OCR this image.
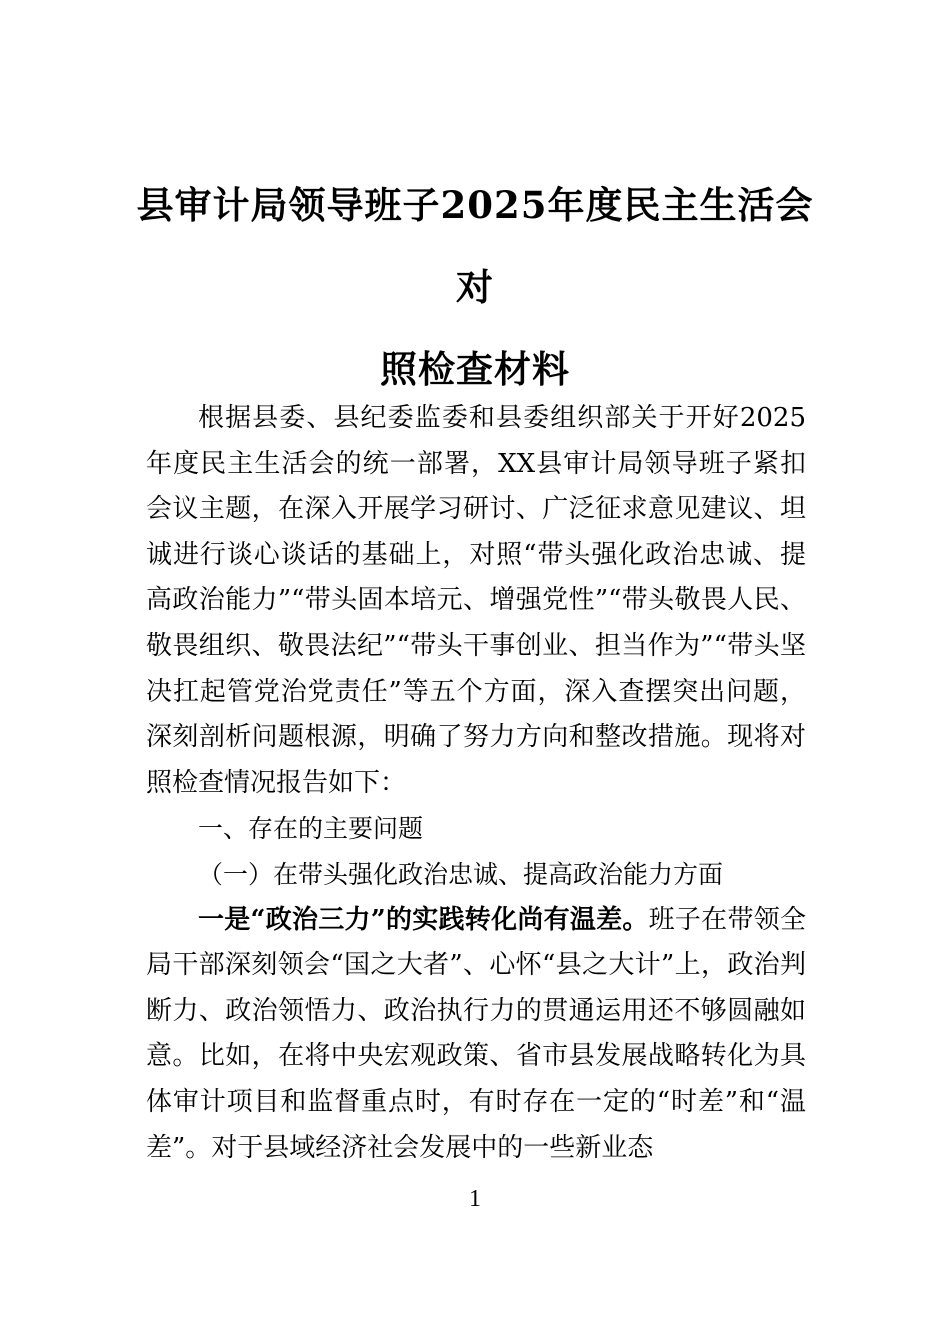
县审计局领导班子2025年度民主生活会对
照检查材料

根据县委、县纪委监委和县委组织部关于开好2025年度民主生活会的统一部署，XX县审计局领导班子紧扣会议主题，在深入开展学习研讨、广泛征求意见建议、坦诚进行谈心谈话的基础上，对照“带头强化政治忠诚、提高政治能力”“带头固本培元、增强党性”“带头敬畏人民、敬畏组织、敬畏法纪”“带头干事创业、担当作为”“带头坚决扛起管党治党责任”等五个方面，深入查摆突出问题，深刻剖析问题根源，明确了努力方向和整改措施。现将对照检查情况报告如下：

一、存在的主要问题

（一）在带头强化政治忠诚、提高政治能力方面

一是“政治三力”的实践转化尚有温差。班子在带领全局干部深刻领会“国之大者”、心怀“县之大计”上，政治判断力、政治领悟力、政治执行力的贯通运用还不够圆融如意。比如，在将中央宏观政策、省市县发展战略转化为具体审计项目和监督重点时，有时存在一定的“时差”和“温差”。对于县域经济社会发展中的一些新业态

1
